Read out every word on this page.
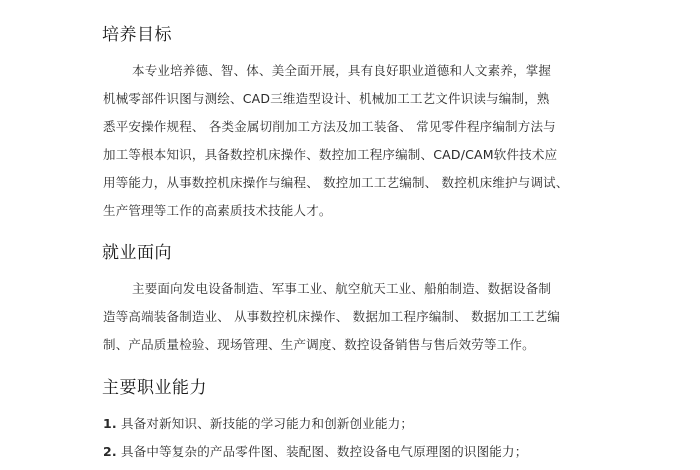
培养目标
本专业培养德、智、体、美全面开展，具有良好职业道德和人文素养，掌握
机械零部件识图与测绘、CAD三维造型设计、机械加工工艺文件识读与编制，熟
悉平安操作规程、 各类金属切削加工方法及加工装备、 常见零件程序编制方法与
加工等根本知识，具备数控机床操作、数控加工程序编制、CAD/CAM软件技术应
用等能力，从事数控机床操作与编程、 数控加工工艺编制、 数控机床维护与调试、
生产管理等工作的高素质技术技能人才。
就业面向
主要面向发电设备制造、军事工业、航空航天工业、船舶制造、数据设备制
造等高端装备制造业、 从事数控机床操作、 数据加工程序编制、 数据加工工艺编
制、产品质量检验、现场管理、生产调度、数控设备销售与售后效劳等工作。
主要职业能力
1. 具备对新知识、新技能的学习能力和创新创业能力；
2. 具备中等复杂的产品零件图、装配图、数控设备电气原理图的识图能力；
